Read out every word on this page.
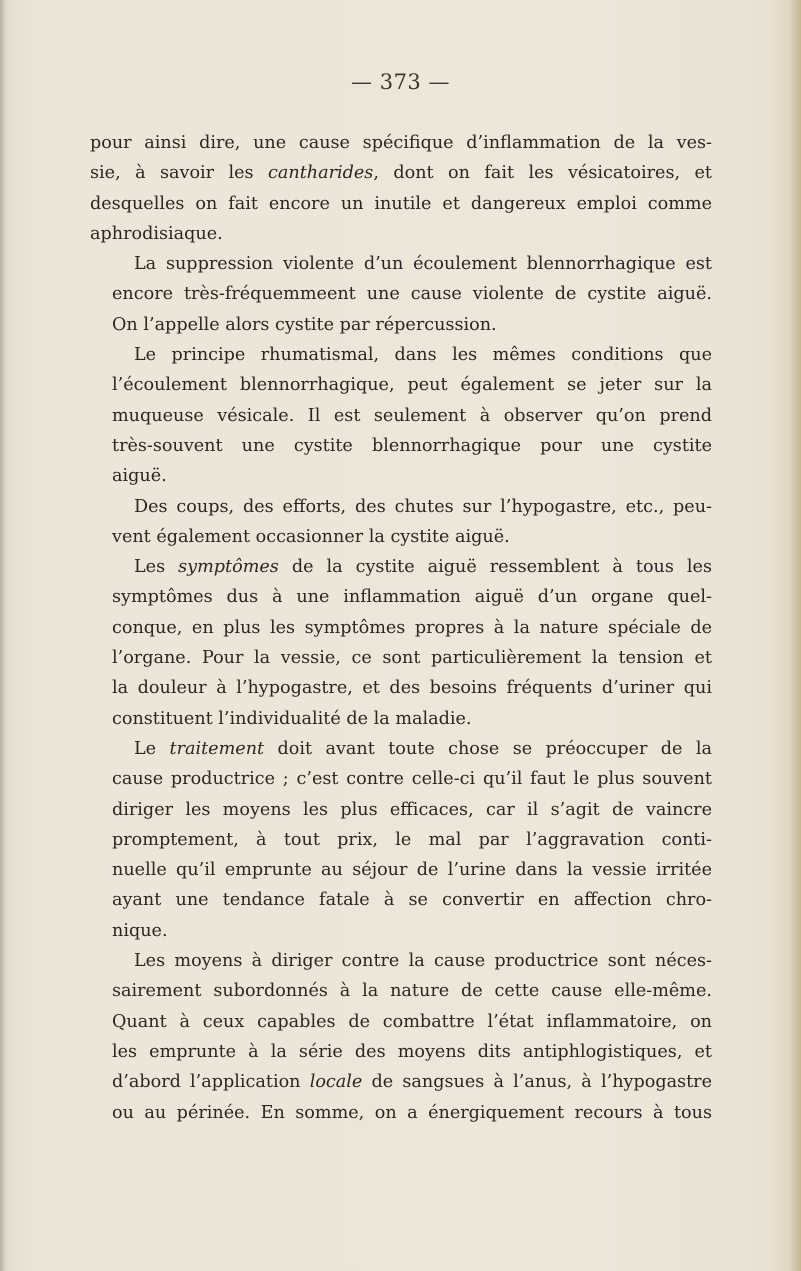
— 373 —
pour ainsi dire, une cause spécifique d’inflammation de la ves-
sie, à savoir les cantharides, dont on fait les vésicatoires, et
desquelles on fait encore un inutile et dangereux emploi comme
aphrodisiaque.
La suppression violente d’un écoulement blennorrhagique est
encore très-fréquemmeent une cause violente de cystite aiguë.
On l’appelle alors cystite par répercussion.
Le principe rhumatismal, dans les mêmes conditions que
l’écoulement blennorrhagique, peut également se jeter sur la
muqueuse vésicale. Il est seulement à observer qu’on prend
très-souvent une cystite blennorrhagique pour une cystite
aiguë.
Des coups, des efforts, des chutes sur l’hypogastre, etc., peu-
vent également occasionner la cystite aiguë.
Les symptômes de la cystite aiguë ressemblent à tous les
symptômes dus à une inflammation aiguë d’un organe quel-
conque, en plus les symptômes propres à la nature spéciale de
l’organe. Pour la vessie, ce sont particulièrement la tension et
la douleur à l’hypogastre, et des besoins fréquents d’uriner qui
constituent l’individualité de la maladie.
Le traitement doit avant toute chose se préoccuper de la
cause productrice ; c’est contre celle-ci qu’il faut le plus souvent
diriger les moyens les plus efficaces, car il s’agit de vaincre
promptement, à tout prix, le mal par l’aggravation conti-
nuelle qu’il emprunte au séjour de l’urine dans la vessie irritée
ayant une tendance fatale à se convertir en affection chro-
nique.
Les moyens à diriger contre la cause productrice sont néces-
sairement subordonnés à la nature de cette cause elle-même.
Quant à ceux capables de combattre l’état inflammatoire, on
les emprunte à la série des moyens dits antiphlogistiques, et
d’abord l’application locale de sangsues à l’anus, à l’hypogastre
ou au périnée. En somme, on a énergiquement recours à tous
